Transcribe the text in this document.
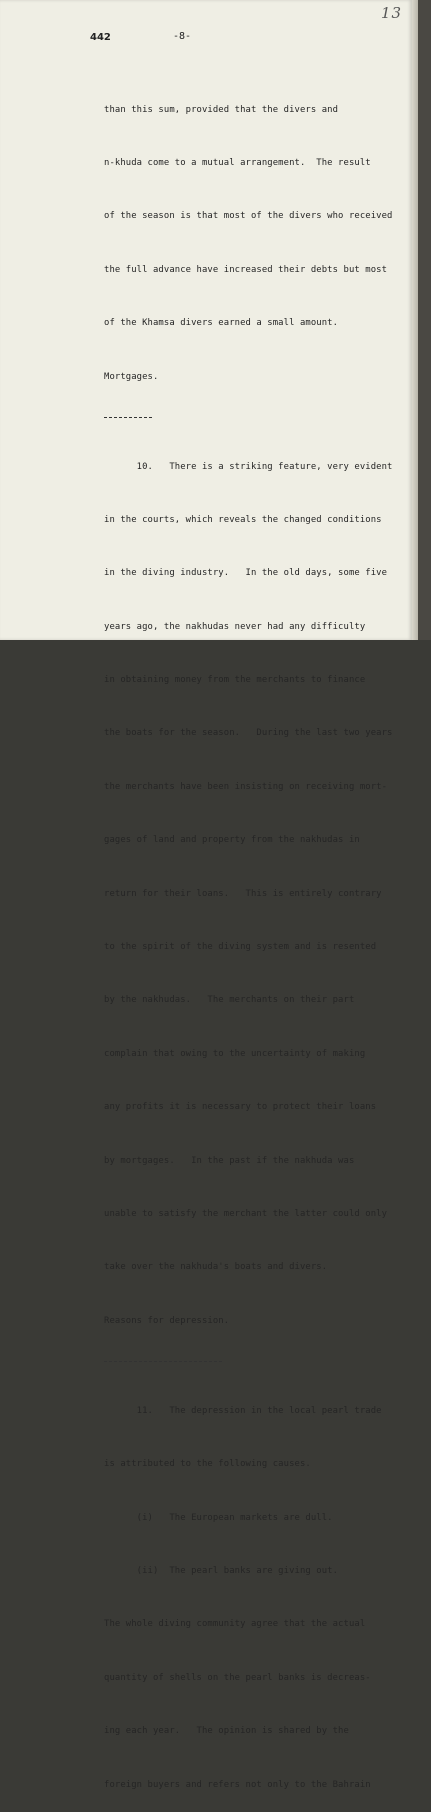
13
442	-8-

than this sum, provided that the divers and

n-khuda come to a mutual arrangement.  The result

of the season is that most of the divers who received

the full advance have increased their debts but most

of the Khamsa divers earned a small amount.

Mortgages.

10.   There is a striking feature, very evident

in the courts, which reveals the changed conditions

in the diving industry.   In the old days, some five

years ago, the nakhudas never had any difficulty

in obtaining money from the merchants to finance

the boats for the season.   During the last two years

the merchants have been insisting on receiving mort-

gages of land and property from the nakhudas in

return for their loans.   This is entirely contrary

to the spirit of the diving system and is resented

by the nakhudas.   The merchants on their part

complain that owing to the uncertainty of making

any profits it is necessary to protect their loans

by mortgages.   In the past if the nakhuda was

unable to satisfy the merchant the latter could only

take over the nakhuda's boats and divers.

Reasons for depression.

11.   The depression in the local pearl trade

is attributed to the following causes.

(i)   The European markets are dull.

(ii)  The pearl banks are giving out.

The whole diving community agree that the actual

quantity of shells on the pearl banks is decreas-

ing each year.   The opinion is shared by the

foreign buyers and refers not only to the Bahrain
